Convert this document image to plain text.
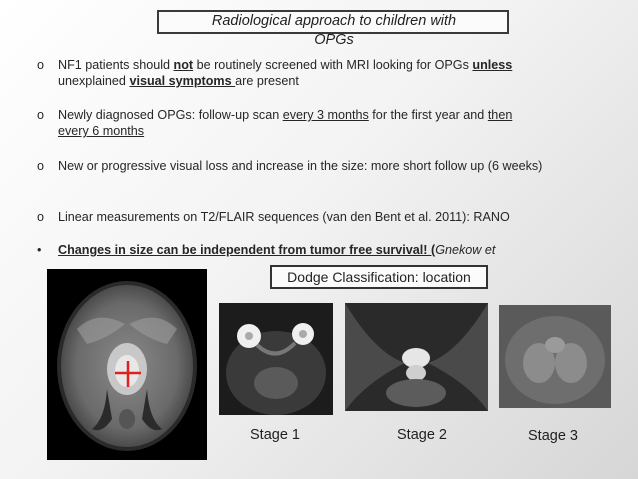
Radiological approach to children with
OPGs
o	NF1 patients should not be routinely screened with MRI looking for OPGs unless
unexplained visual symptoms are present
o	Newly diagnosed OPGs: follow-up scan every 3 months for the first year and then
every 6 months
o	New or progressive visual loss and increase in the size: more short follow up (6 weeks)
o	Linear measurements on T2/FLAIR sequences (van den Bent et al. 2011): RANO
•	Changes in size can be independent from tumor free survival! (Gnekow et
Dodge Classification: location
Stage 1	Stage 2	Stage 3
